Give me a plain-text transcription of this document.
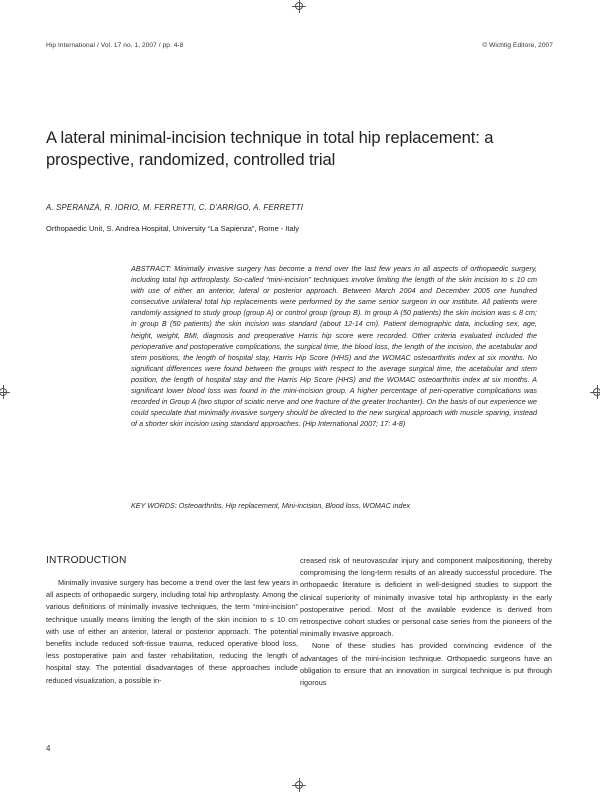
Hip International / Vol. 17 no. 1, 2007 / pp. 4-8	© Wichtig Editore, 2007
A lateral minimal-incision technique in total hip replacement: a prospective, randomized, controlled trial
A. SPERANZA, R. IORIO, M. FERRETTI, C. D'ARRIGO, A. FERRETTI
Orthopaedic Unit, S. Andrea Hospital, University “La Sapienza”, Rome - Italy

ABSTRACT: Minimally invasive surgery has become a trend over the last few years in all aspects of orthopaedic surgery, including total hip arthroplasty. So-called “mini-incision” techniques involve limiting the length of the skin incision to ≤ 10 cm with use of either an anterior, lateral or posterior approach. Between March 2004 and December 2005 one hundred consecutive unilateral total hip replacements were performed by the same senior surgeon in our institute. All patients were randomly assigned to study group (group A) or control group (group B). In group A (50 patients) the skin incision was ≤ 8 cm; in group B (50 patients) the skin incision was standard (about 12-14 cm). Patient demographic data, including sex, age, height, weight, BMI, diagnosis and preoperative Harris hip score were recorded. Other criteria evaluated included the perioperative and postoperative complications, the surgical time, the blood loss, the length of the incision, the acetabular and stem positions, the length of hospital stay, Harris Hip Score (HHS) and the WOMAC osteoarthritis index at six months. No significant differences were found between the groups with respect to the average surgical time, the acetabular and stem position, the length of hospital stay and the Harris Hip Score (HHS) and the WOMAC osteoarthritis index at six months. A significant lower blood loss was found in the mini-incision group. A higher percentage of peri-operative complications was recorded in Group A (two stupor of sciatic nerve and one fracture of the greater trochanter). On the basis of our experience we could speculate that minimally invasive surgery should be directed to the new surgical approach with muscle sparing, instead of a shorter skin incision using standard approaches. (Hip International 2007; 17: 4-8)

KEY WORDS: Osteoarthritis, Hip replacement, Mini-incision, Blood loss, WOMAC index
INTRODUCTION

Minimally invasive surgery has become a trend over the last few years in all aspects of orthopaedic surgery, including total hip arthroplasty. Among the various definitions of minimally invasive techniques, the term “mini-incision” technique usually means limiting the length of the skin incision to ≤ 10 cm with use of either an anterior, lateral or posterior approach. The potential benefits include reduced soft-tissue trauma, reduced operative blood loss, less postoperative pain and faster rehabilitation, reducing the length of hospital stay. The potential disadvantages of these approaches include reduced visualization, a possible in-

creased risk of neurovascular injury and component malpositioning, thereby compromising the long-term results of an already successful procedure. The orthopaedic literature is deficient in well-designed studies to support the clinical superiority of minimally invasive total hip arthroplasty in the early postoperative period. Most of the available evidence is derived from retrospective cohort studies or personal case series from the pioneers of the minimally invasive approach.

None of these studies has provided convincing evidence of the advantages of the mini-incision technique. Orthopaedic surgeons have an obligation to ensure that an innovation in surgical technique is put through rigorous

4
